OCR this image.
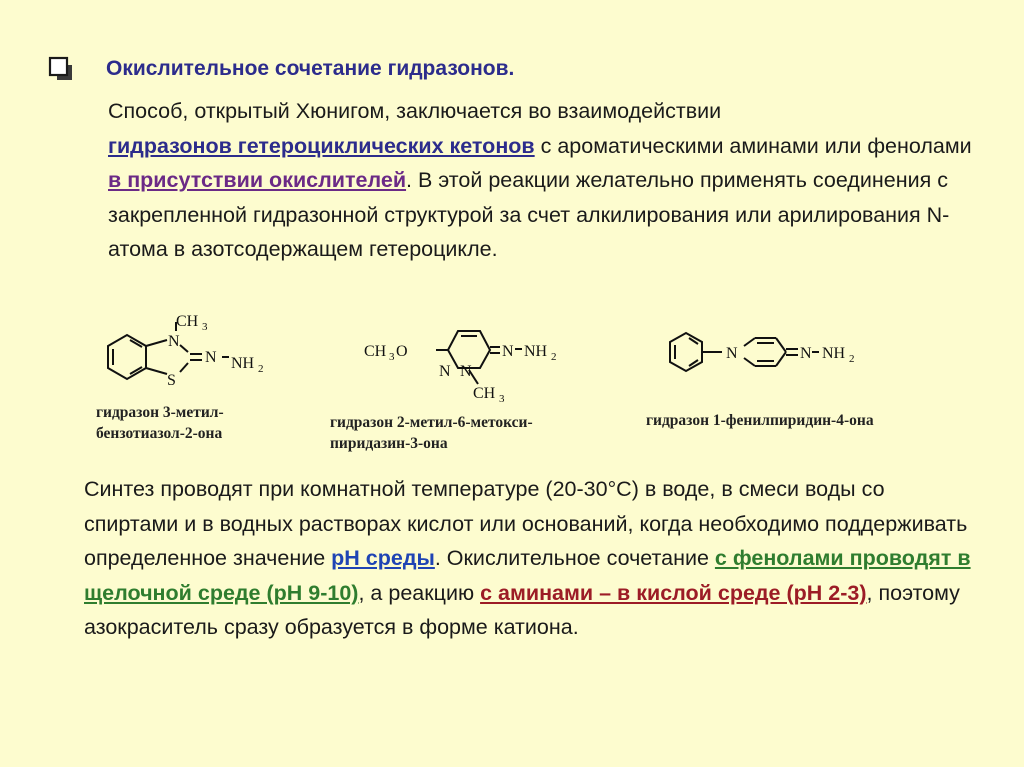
Окислительное сочетание гидразонов.

Способ, открытый Хюнигом, заключается во взаимодействии
гидразонов гетероциклических кетонов с ароматическими аминами или фенолами в присутствии окислителей. В этой реакции желательно применять соединения с закрепленной гидразонной структурой за счет алкилирования или арилирования N-атома в азотсодержащем гетероцикле.

N
S
CH 3
N NH 2
CH 3 O
N N
CH 3
N NH 2	N	N NH 2

гидразон 3-метил-
бензотиазол-2-она

гидразон 2-метил-6-метокси-
пиридазин-3-она

гидразон 1-фенилпиридин-4-она

Синтез проводят при комнатной температуре (20-30°С) в воде, в смеси воды со спиртами и в водных растворах кислот или оснований, когда необходимо поддерживать определенное значение рН среды. Окислительное сочетание с фенолами проводят в щелочной среде (рН 9-10), а реакцию с аминами – в кислой среде (рН 2-3), поэтому азокраситель сразу образуется в форме катиона.
